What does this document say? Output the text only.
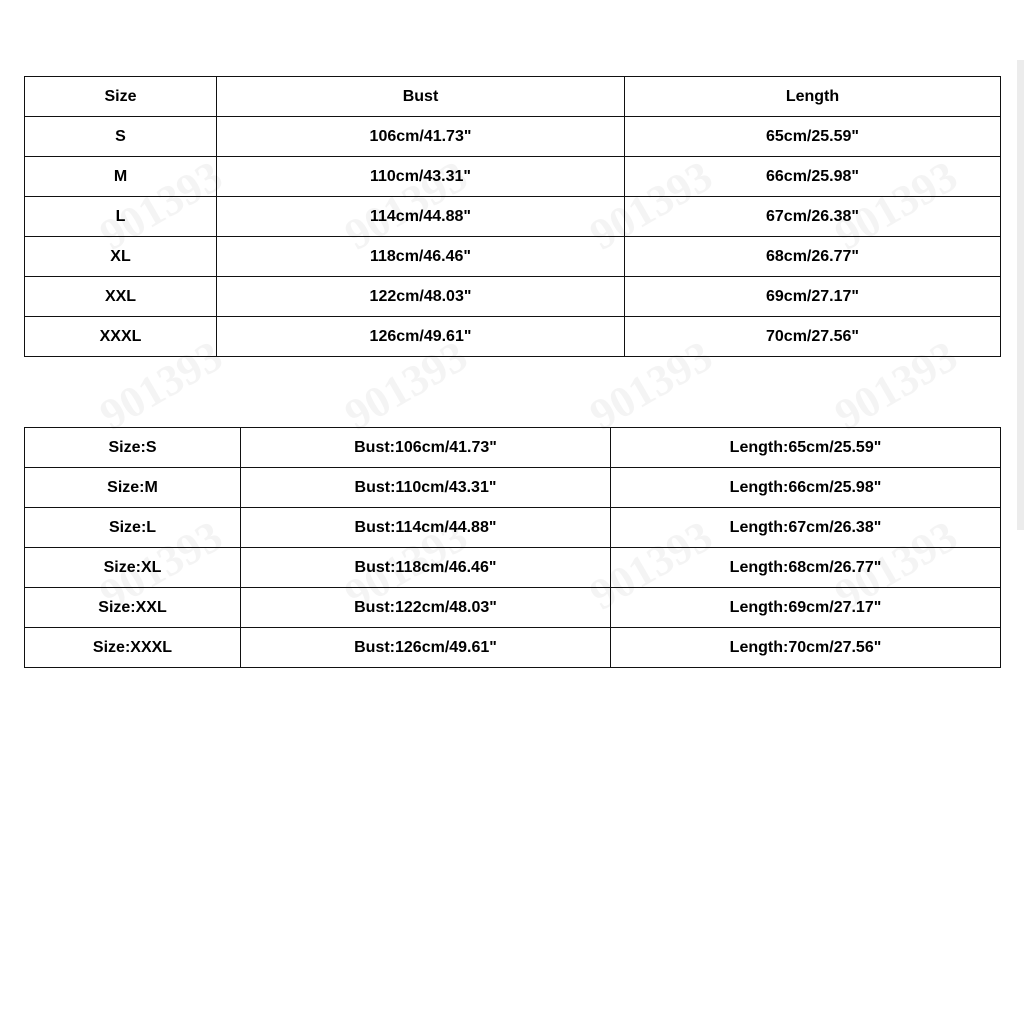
Size	Bust	Length
S	106cm/41.73"	65cm/25.59"
M	110cm/43.31"	66cm/25.98"
L	114cm/44.88"	67cm/26.38"
XL	118cm/46.46"	68cm/26.77"
XXL	122cm/48.03"	69cm/27.17"
XXXL	126cm/49.61"	70cm/27.56"
Size:S	Bust:106cm/41.73"	Length:65cm/25.59"
Size:M	Bust:110cm/43.31"	Length:66cm/25.98"
Size:L	Bust:114cm/44.88"	Length:67cm/26.38"
Size:XL	Bust:118cm/46.46"	Length:68cm/26.77"
Size:XXL	Bust:122cm/48.03"	Length:69cm/27.17"
Size:XXXL	Bust:126cm/49.61"	Length:70cm/27.56"
